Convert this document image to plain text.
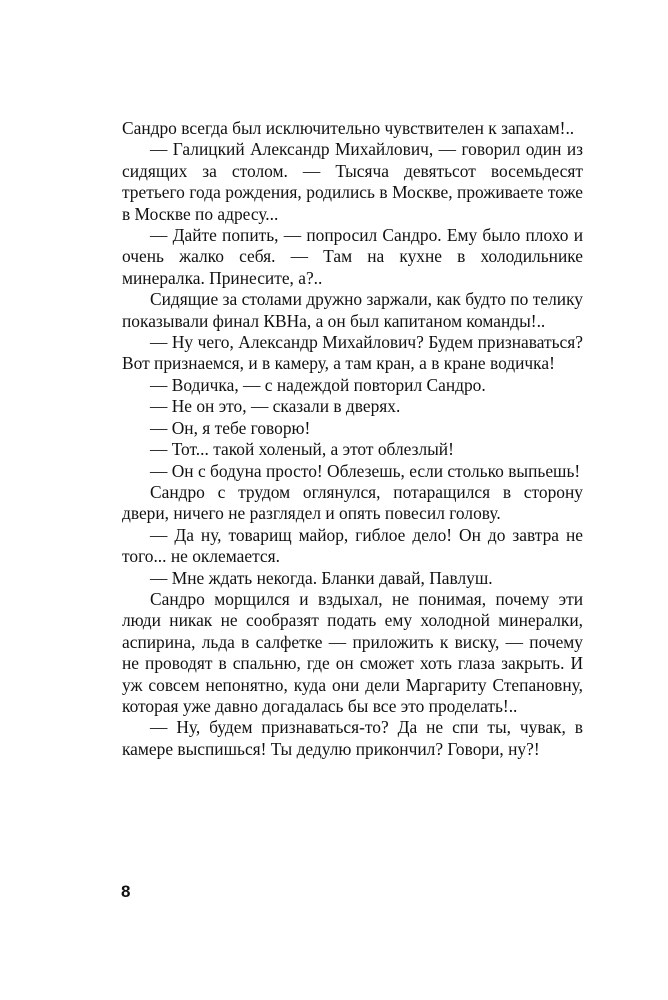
Сандро всегда был исключительно чувствителен к запахам!..

— Галицкий Александр Михайлович, — говорил один из сидящих за столом. — Тысяча девятьсот восемьдесят третьего года рождения, родились в Москве, проживаете тоже в Москве по адресу...

— Дайте попить, — попросил Сандро. Ему было плохо и очень жалко себя. — Там на кухне в холодильнике минералка. Принесите, а?..

Сидящие за столами дружно заржали, как будто по телику показывали финал КВНа, а он был капитаном команды!..

— Ну чего, Александр Михайлович? Будем признаваться? Вот признаемся, и в камеру, а там кран, а в кране водичка!

— Водичка, — с надеждой повторил Сандро.

— Не он это, — сказали в дверях.

— Он, я тебе говорю!

— Тот... такой холеный, а этот облезлый!

— Он с бодуна просто! Облезешь, если столько выпьешь!

Сандро с трудом оглянулся, потаращился в сторону двери, ничего не разглядел и опять повесил голову.

— Да ну, товарищ майор, гиблое дело! Он до завтра не того... не оклемается.

— Мне ждать некогда. Бланки давай, Павлуш.

Сандро морщился и вздыхал, не понимая, почему эти люди никак не сообразят подать ему холодной минералки, аспирина, льда в салфетке — приложить к виску, — почему не проводят в спальню, где он сможет хоть глаза закрыть. И уж совсем непонятно, куда они дели Маргариту Степановну, которая уже давно догадалась бы все это проделать!..

— Ну, будем признаваться-то? Да не спи ты, чувак, в камере выспишься! Ты дедулю прикончил? Говори, ну?!

8
